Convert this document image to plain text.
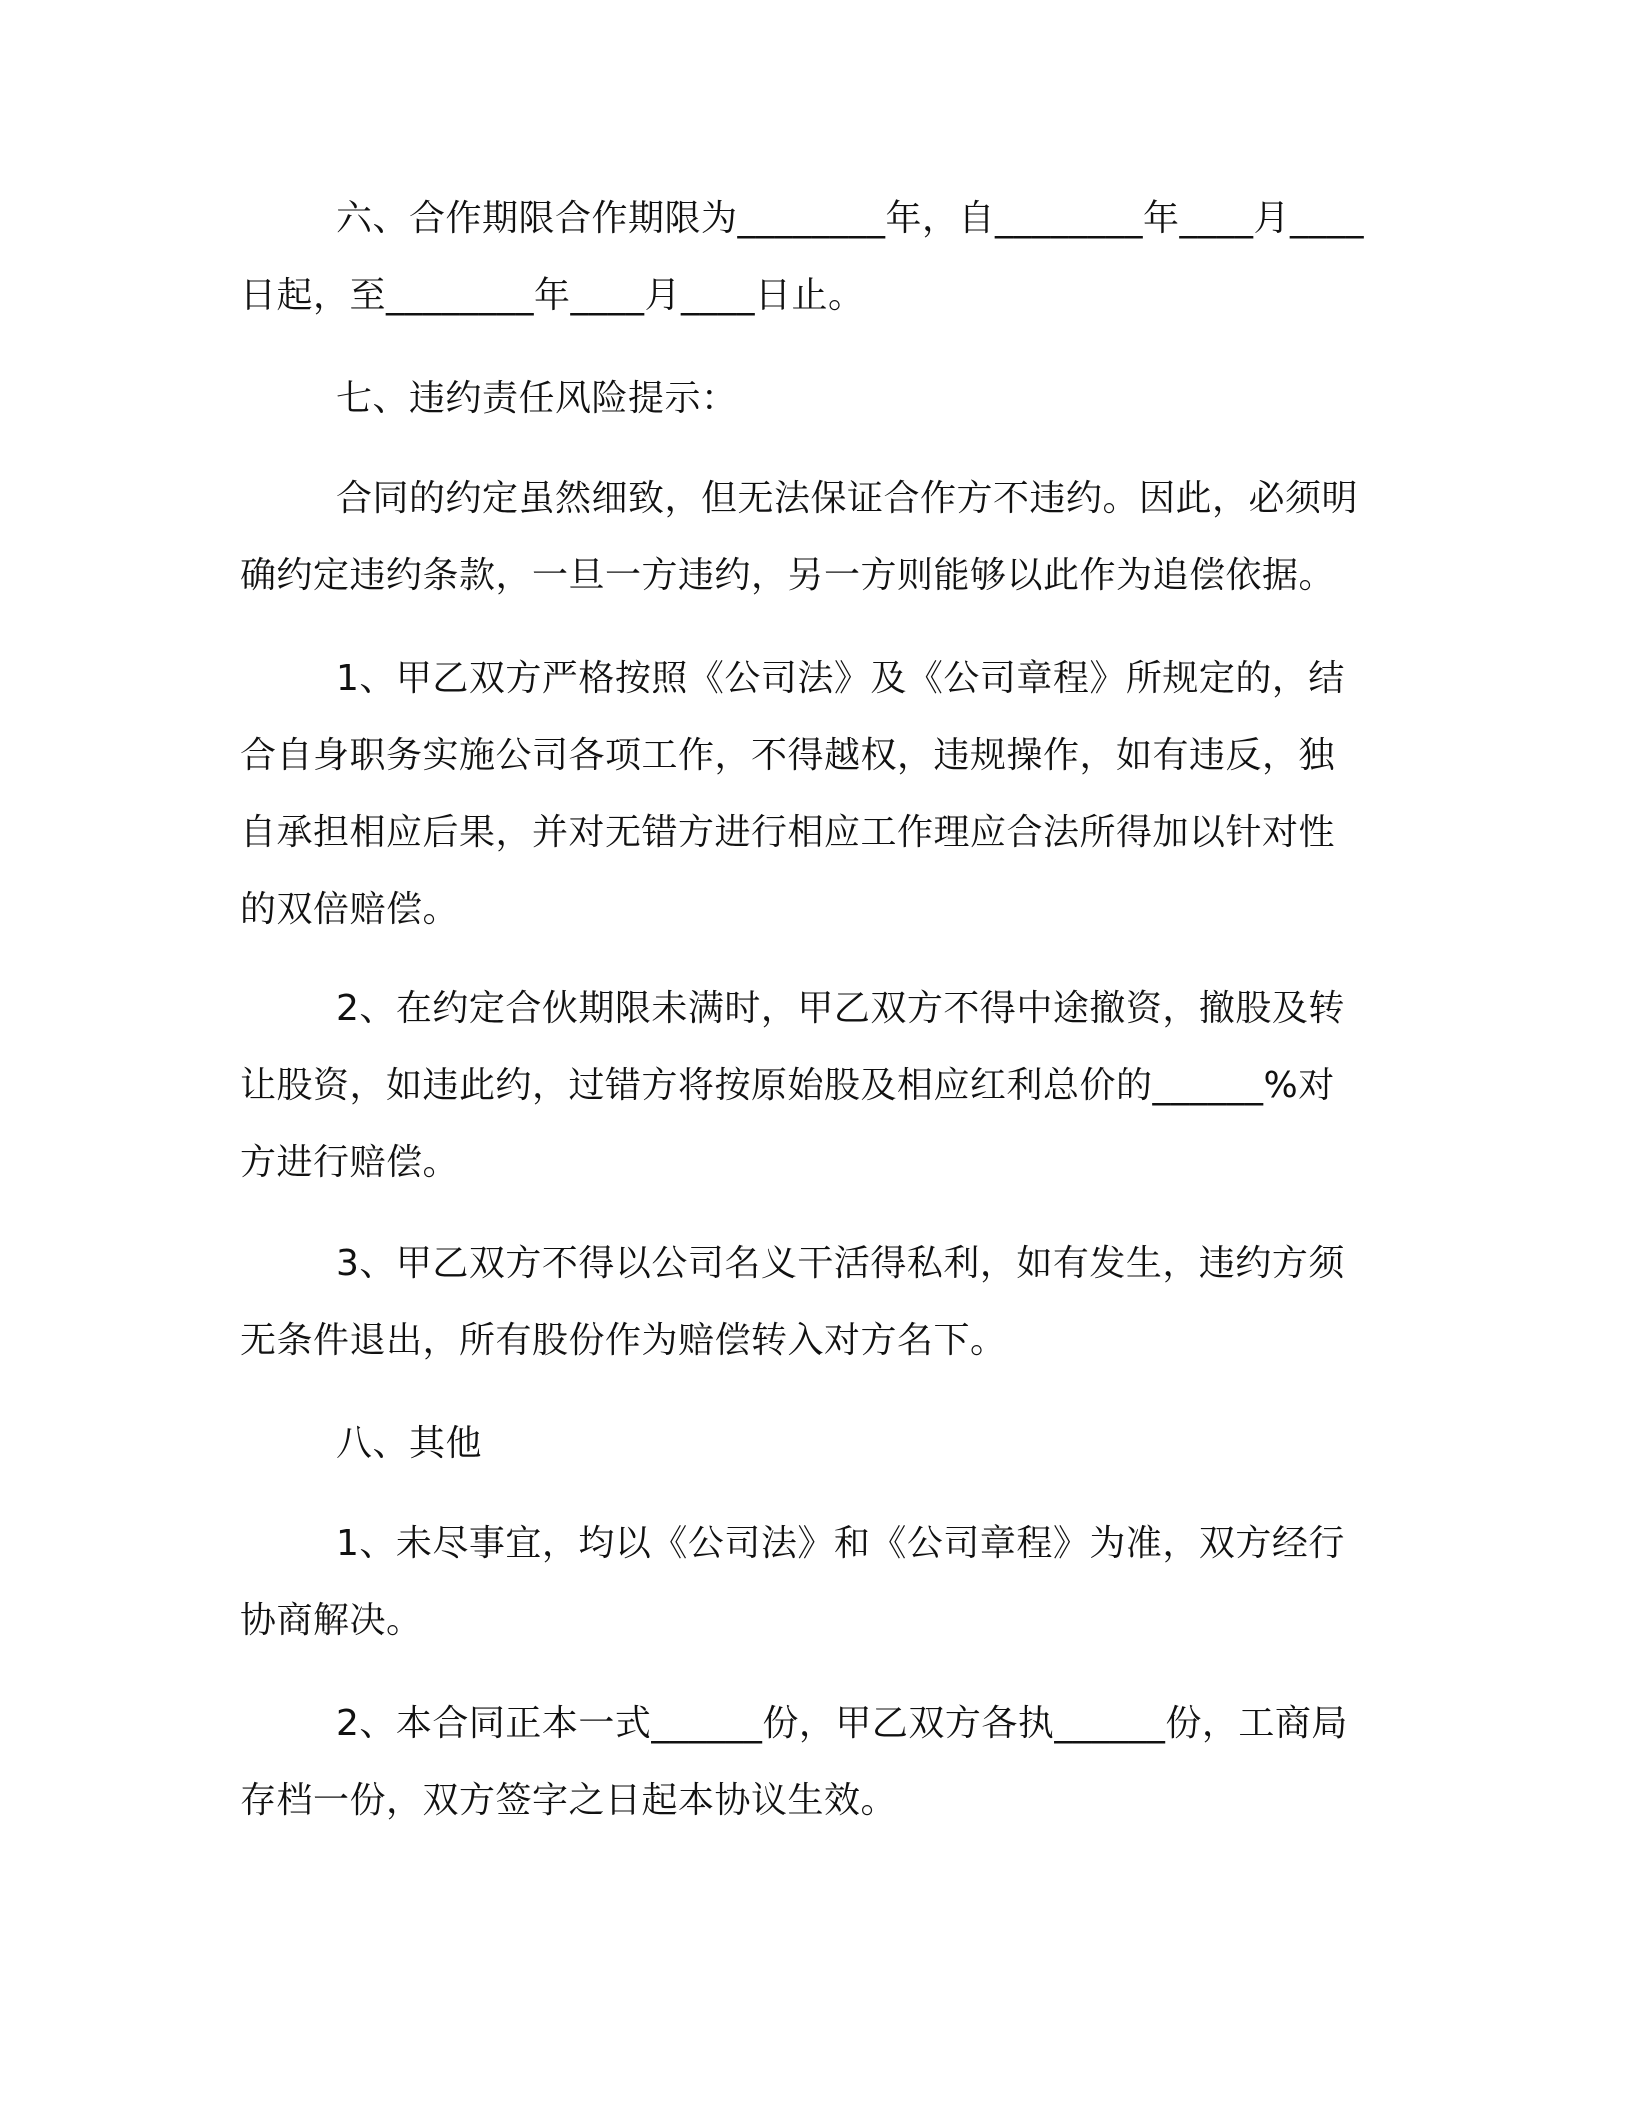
六、合作期限合作期限为________年，自________年____月____日起，至________年____月____日止。

七、违约责任风险提示：

合同的约定虽然细致，但无法保证合作方不违约。因此，必须明确约定违约条款，一旦一方违约，另一方则能够以此作为追偿依据。

1、甲乙双方严格按照《公司法》及《公司章程》所规定的，结合自身职务实施公司各项工作，不得越权，违规操作，如有违反，独自承担相应后果，并对无错方进行相应工作理应合法所得加以针对性的双倍赔偿。

2、在约定合伙期限未满时，甲乙双方不得中途撤资，撤股及转让股资，如违此约，过错方将按原始股及相应红利总价的______%对方进行赔偿。

3、甲乙双方不得以公司名义干活得私利，如有发生，违约方须无条件退出，所有股份作为赔偿转入对方名下。

八、其他

1、未尽事宜，均以《公司法》和《公司章程》为准，双方经行协商解决。

2、本合同正本一式______份，甲乙双方各执______份，工商局存档一份，双方签字之日起本协议生效。
